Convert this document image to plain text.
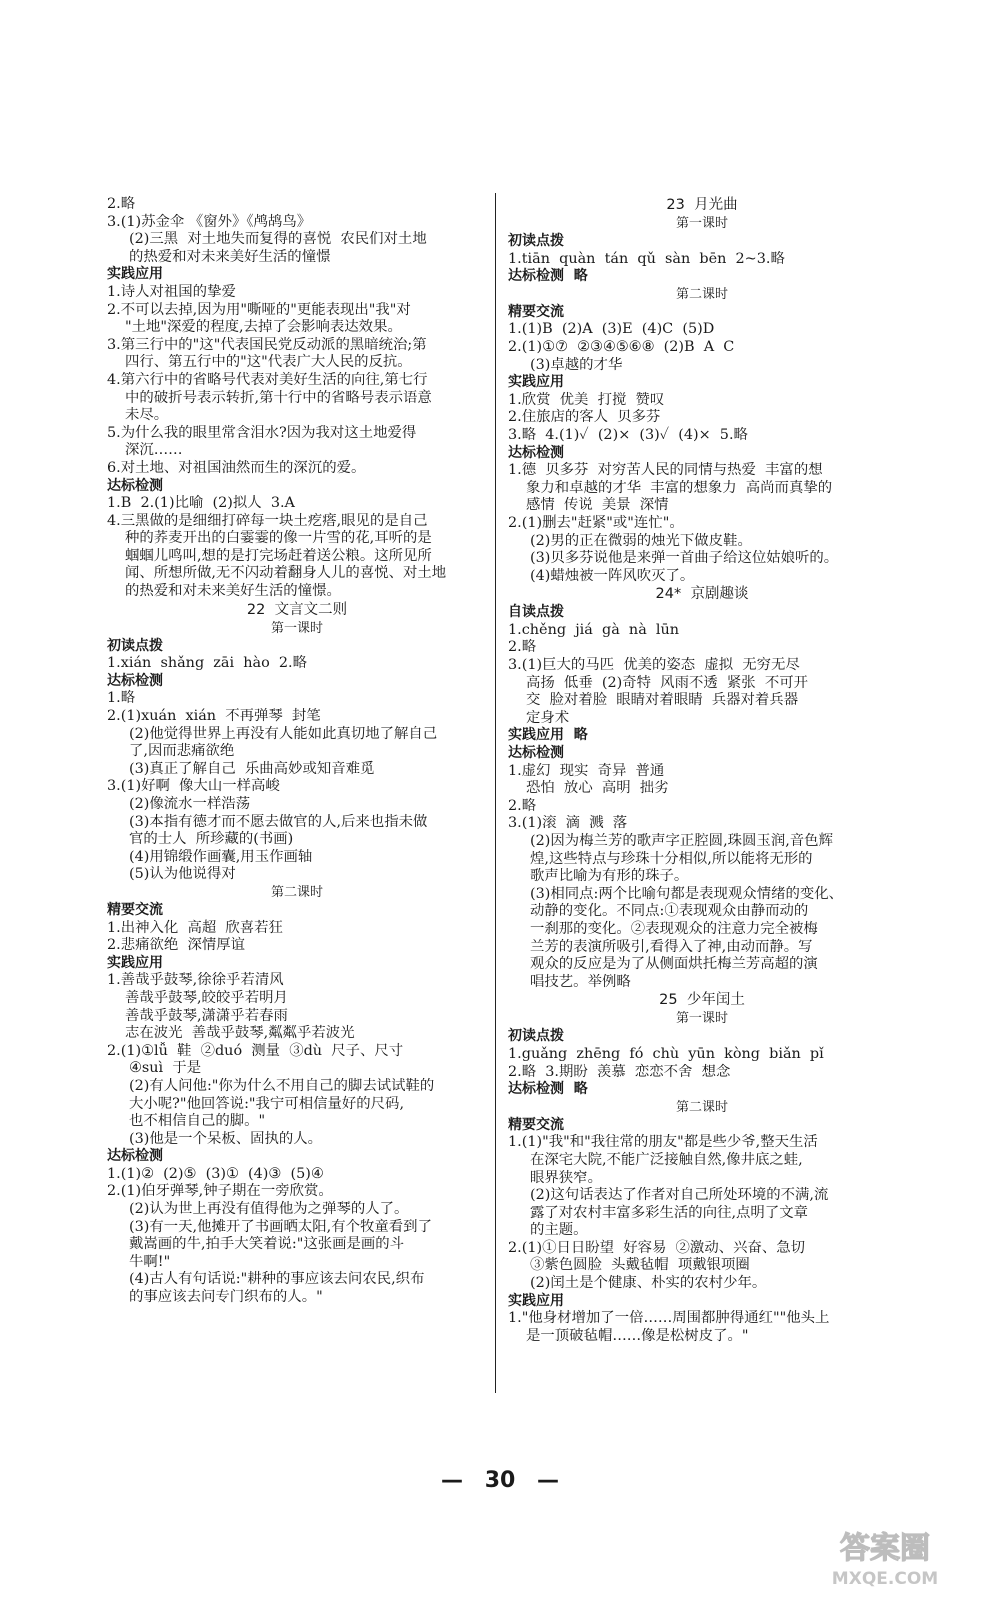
2.略
3.(1)苏金伞 《窗外》《鸬鸪鸟》
(2)三黑  对土地失而复得的喜悦  农民们对土地
的热爱和对未来美好生活的憧憬
实践应用
1.诗人对祖国的挚爱
2.不可以去掉,因为用"嘶哑的"更能表现出"我"对
"土地"深爱的程度,去掉了会影响表达效果。
3.第三行中的"这"代表国民党反动派的黑暗统治;第
四行、第五行中的"这"代表广大人民的反抗。
4.第六行中的省略号代表对美好生活的向往,第七行
中的破折号表示转折,第十行中的省略号表示语意
未尽。
5.为什么我的眼里常含泪水?因为我对这土地爱得
深沉……
6.对土地、对祖国油然而生的深沉的爱。
达标检测
1.B  2.(1)比喻  (2)拟人  3.A
4.三黑做的是细细打碎每一块土疙瘩,眼见的是自己
种的荞麦开出的白霎霎的像一片雪的花,耳听的是
蝈蝈儿鸣叫,想的是打完场赶着送公粮。这所见所
闻、所想所做,无不闪动着翻身人儿的喜悦、对土地
的热爱和对未来美好生活的憧憬。
22  文言文二则
第一课时
初读点拨
1.xián  shǎng  zāi  hào  2.略
达标检测
1.略
2.(1)xuán  xián  不再弹琴  封笔
(2)他觉得世界上再没有人能如此真切地了解自己
了,因而悲痛欲绝
(3)真正了解自己  乐曲高妙或知音难觅
3.(1)好啊  像大山一样高峻
(2)像流水一样浩荡
(3)本指有德才而不愿去做官的人,后来也指未做
官的士人  所珍藏的(书画)
(4)用锦缎作画囊,用玉作画轴
(5)认为他说得对
第二课时
精要交流
1.出神入化  高超  欣喜若狂
2.悲痛欲绝  深情厚谊
实践应用
1.善哉乎鼓琴,徐徐乎若清风
善哉乎鼓琴,皎皎乎若明月
善哉乎鼓琴,潇潇乎若春雨
志在波光  善哉乎鼓琴,粼粼乎若波光
2.(1)①lǚ  鞋  ②duó  测量  ③dù  尺子、尺寸
④suì  于是
(2)有人问他:"你为什么不用自己的脚去试试鞋的
大小呢?"他回答说:"我宁可相信量好的尺码,
也不相信自己的脚。"
(3)他是一个呆板、固执的人。
达标检测
1.(1)②  (2)⑤  (3)①  (4)③  (5)④
2.(1)伯牙弹琴,钟子期在一旁欣赏。
(2)认为世上再没有值得他为之弹琴的人了。
(3)有一天,他摊开了书画晒太阳,有个牧童看到了
戴嵩画的牛,拍手大笑着说:"这张画是画的斗
牛啊!"
(4)古人有句话说:"耕种的事应该去问农民,织布
的事应该去问专门织布的人。"
23  月光曲
第一课时
初读点拨
1.tiān  quàn  tán  qǔ  sàn  bēn  2~3.略
达标检测  略
第二课时
精要交流
1.(1)B  (2)A  (3)E  (4)C  (5)D
2.(1)①⑦  ②③④⑤⑥⑧  (2)B  A  C
(3)卓越的才华
实践应用
1.欣赏  优美  打搅  赞叹
2.住旅店的客人  贝多芬
3.略  4.(1)✓  (2)×  (3)✓  (4)×  5.略
达标检测
1.德  贝多芬  对穷苦人民的同情与热爱  丰富的想
象力和卓越的才华  丰富的想象力  高尚而真挚的
感情  传说  美景  深情
2.(1)删去"赶紧"或"连忙"。
(2)男的正在微弱的烛光下做皮鞋。
(3)贝多芬说他是来弹一首曲子给这位姑娘听的。
(4)蜡烛被一阵风吹灭了。
24*  京剧趣谈
自读点拨
1.chěng  jiá  gà  nà  lūn
2.略
3.(1)巨大的马匹  优美的姿态  虚拟  无穷无尽
高扬  低垂  (2)奇特  风雨不透  紧张  不可开
交  脸对着脸  眼睛对着眼睛  兵器对着兵器
定身术
实践应用  略
达标检测
1.虚幻  现实  奇异  普通
恐怕  放心  高明  拙劣
2.略
3.(1)滚  滴  溅  落
(2)因为梅兰芳的歌声字正腔圆,珠圆玉润,音色辉
煌,这些特点与珍珠十分相似,所以能将无形的
歌声比喻为有形的珠子。
(3)相同点:两个比喻句都是表现观众情绪的变化、
动静的变化。不同点:①表现观众由静而动的
一刹那的变化。②表现观众的注意力完全被梅
兰芳的表演所吸引,看得入了神,由动而静。写
观众的反应是为了从侧面烘托梅兰芳高超的演
唱技艺。举例略
25  少年闰土
第一课时
初读点拨
1.guǎng  zhēng  fó  chù  yūn  kòng  biǎn  pǐ
2.略  3.期盼  羡慕  恋恋不舍  想念
达标检测  略
第二课时
精要交流
1.(1)"我"和"我往常的朋友"都是些少爷,整天生活
在深宅大院,不能广泛接触自然,像井底之蛙,
眼界狭窄。
(2)这句话表达了作者对自己所处环境的不满,流
露了对农村丰富多彩生活的向往,点明了文章
的主题。
2.(1)①日日盼望  好容易  ②激动、兴奋、急切
③紫色圆脸  头戴毡帽  项戴银项圈
(2)闰土是个健康、朴实的农村少年。
实践应用
1."他身材增加了一倍……周围都肿得通红""他头上
是一顶破毡帽……像是松树皮了。"
— 30 —
答案圈
MXQE.COM
